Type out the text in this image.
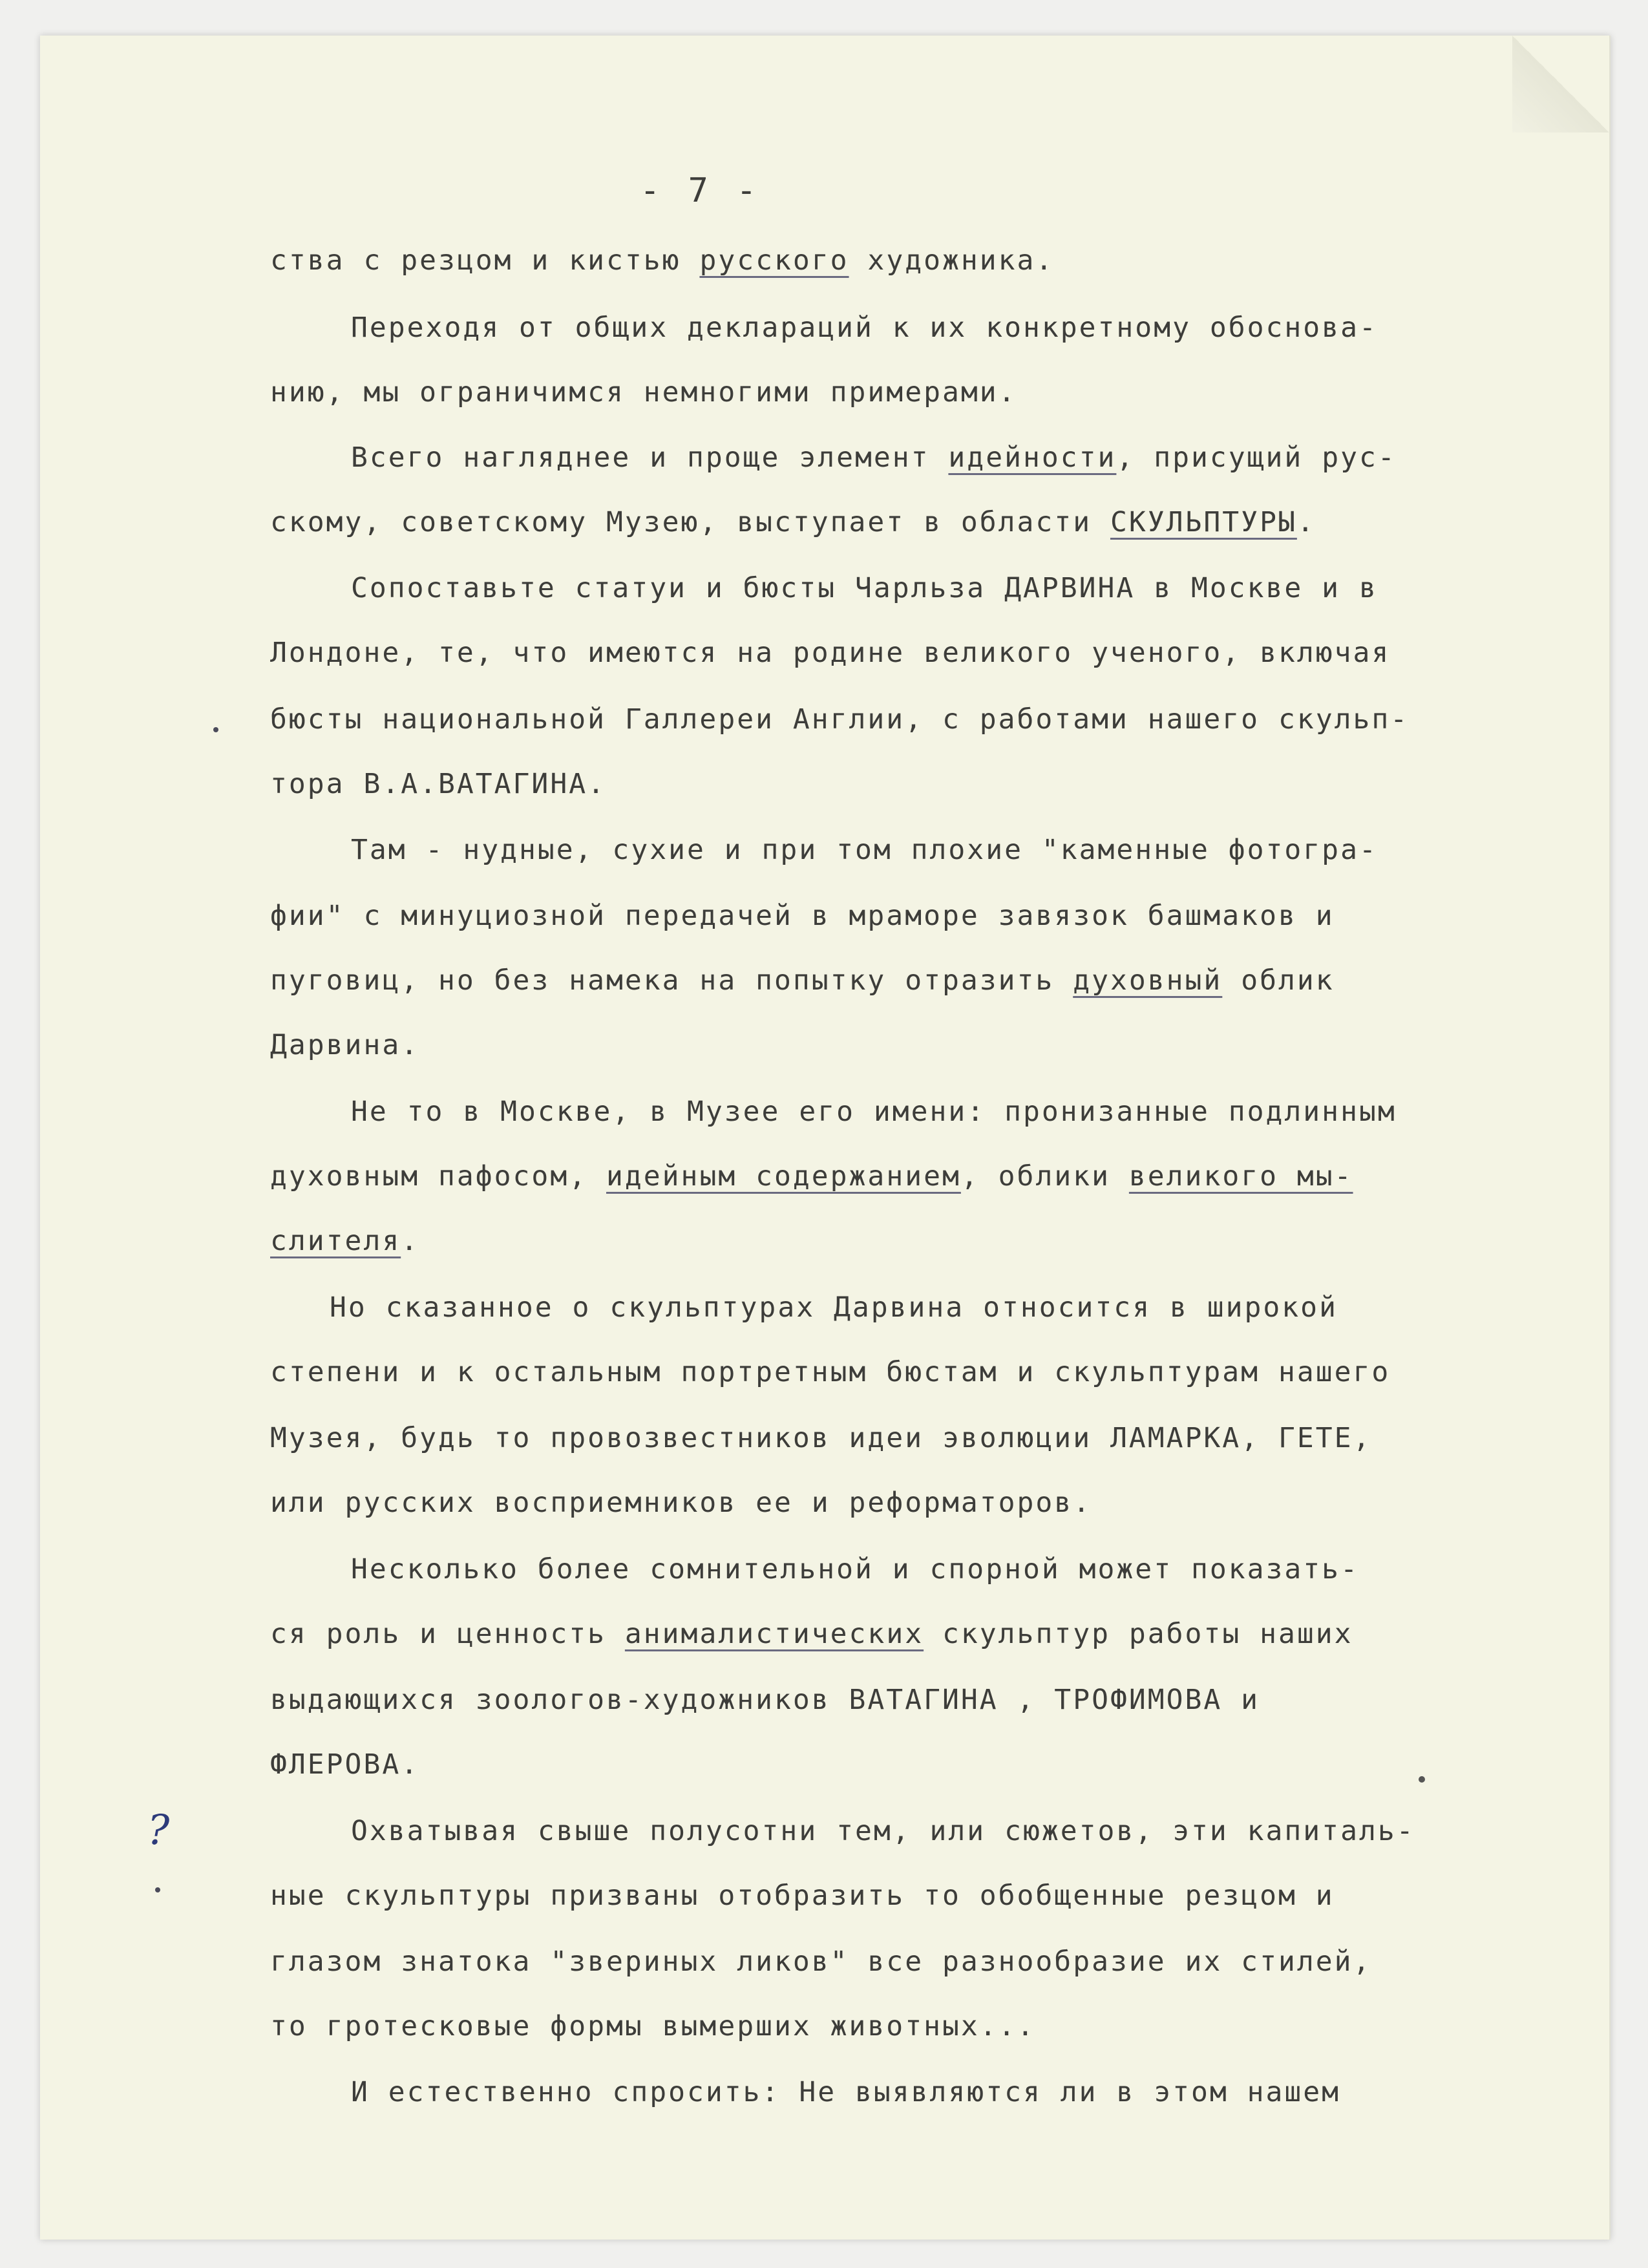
- 7 -
ства с резцом и кистью русского художника.
Переходя от общих деклараций к их конкретному обоснова-
нию, мы ограничимся немногими примерами.
Всего нагляднее и проще элемент идейности, присущий рус-
скому, советскому Музею, выступает в области СКУЛЬПТУРЫ.
Сопоставьте статуи и бюсты Чарльза ДАРВИНА в Москве и в
Лондоне, те, что имеются на родине великого ученого, включая
бюсты национальной Галлереи Англии, с работами нашего скульп-
тора В.А.ВАТАГИНА.
Там - нудные, сухие и при том плохие "каменные фотогра-
фии" с минуциозной передачей в мраморе завязок башмаков и
пуговиц, но без намека на попытку отразить духовный облик
Дарвина.
Не то в Москве, в Музее его имени: пронизанные подлинным
духовным пафосом, идейным содержанием, облики великого мы-
слителя.
Но сказанное о скульптурах Дарвина относится в широкой
степени и к остальным портретным бюстам и скульптурам нашего
Музея, будь то провозвестников идеи эволюции ЛАМАРКА, ГЕТЕ,
или русских восприемников ее и реформаторов.
Несколько более сомнительной и спорной может показать-
ся роль и ценность анималистических скульптур работы наших
выдающихся зоологов-художников ВАТАГИНА , ТРОФИМОВА и
ФЛЕРОВА.
Охватывая свыше полусотни тем, или сюжетов, эти капиталь-
ные скульптуры призваны отобразить то обобщенные резцом и
глазом знатока "звериных ликов" все разнообразие их стилей,
то гротесковые формы вымерших животных...
И естественно спросить: Не выявляются ли в этом нашем
?
